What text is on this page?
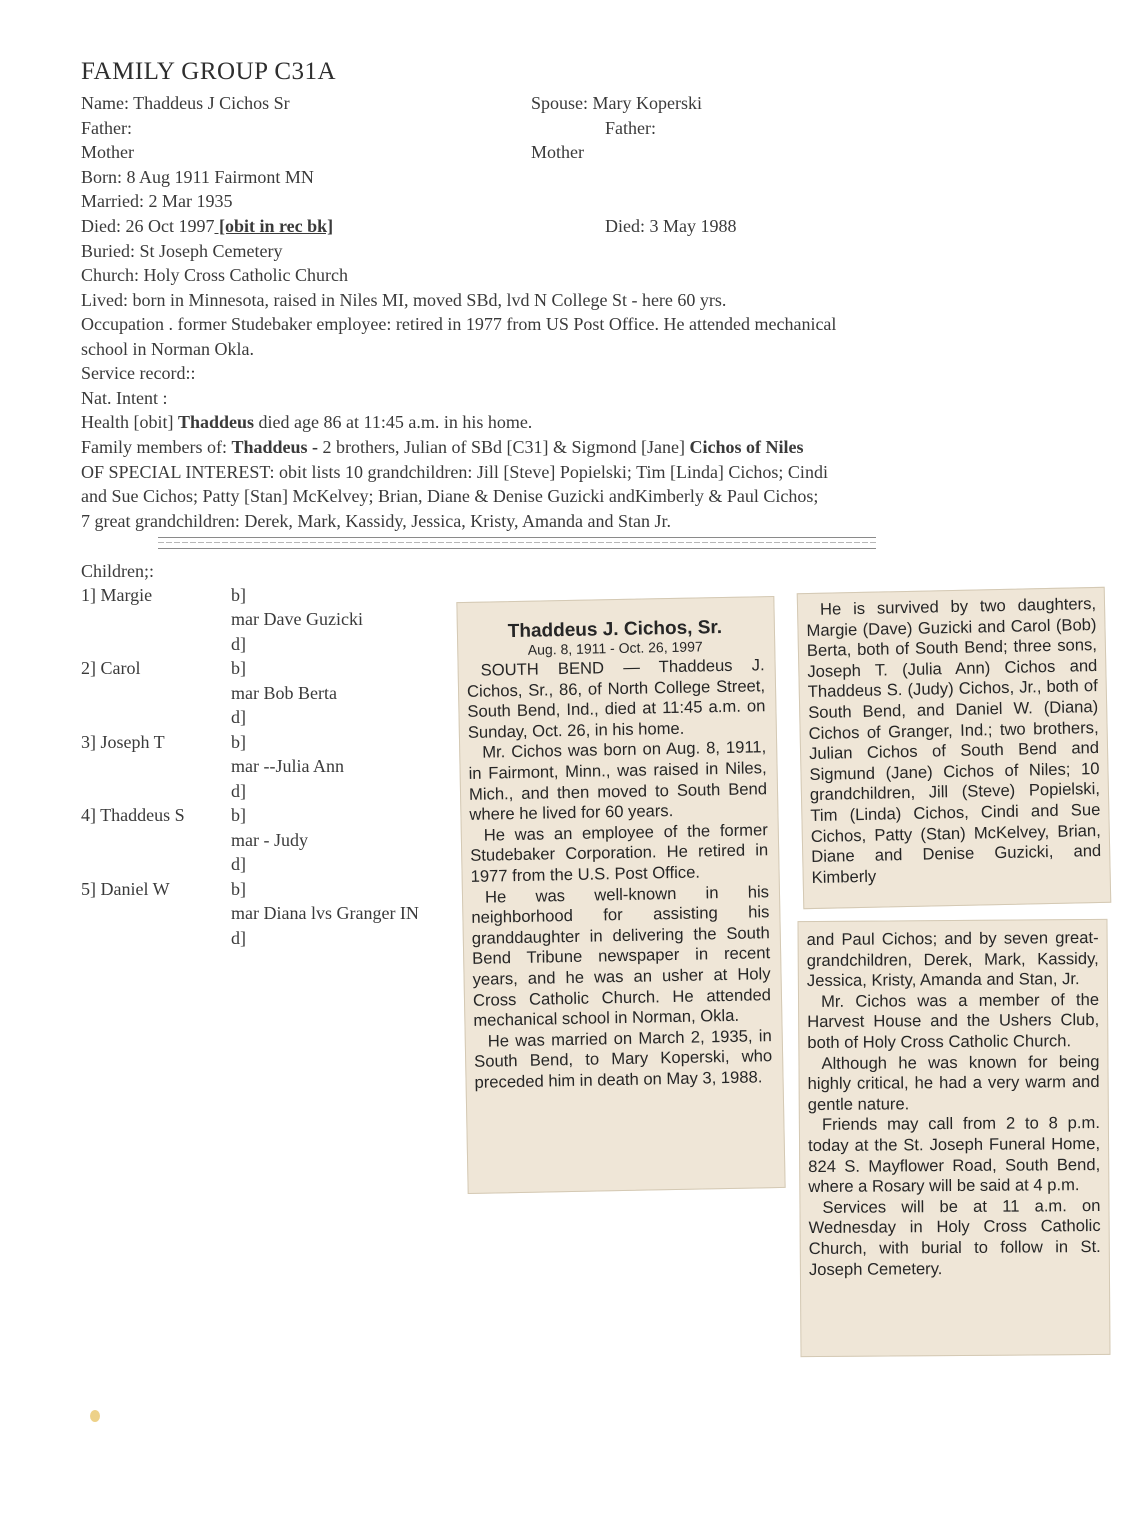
FAMILY GROUP C31A
Name: Thaddeus J Cichos Sr	Spouse: Mary Koperski
Father:	Father:
Mother	Mother
Born: 8 Aug 1911 Fairmont MN
Married: 2 Mar 1935
Died: 26 Oct 1997 [obit in rec bk]	Died: 3 May 1988
Buried: St Joseph Cemetery
Church: Holy Cross Catholic Church
Lived: born in Minnesota, raised in Niles MI, moved SBd, lvd N College St - here 60 yrs.
Occupation . former Studebaker employee: retired in 1977 from US Post Office. He attended mechanical
school in Norman Okla.
Service record::
Nat. Intent :
Health [obit] Thaddeus died age 86 at 11:45 a.m. in his home.
Family members of: Thaddeus - 2 brothers, Julian of SBd [C31] & Sigmond [Jane] Cichos of Niles
OF SPECIAL INTEREST: obit lists 10 grandchildren: Jill [Steve] Popielski; Tim [Linda] Cichos; Cindi
and Sue Cichos; Patty [Stan] McKelvey; Brian, Diane & Denise Guzicki andKimberly & Paul Cichos;
7 great grandchildren: Derek, Mark, Kassidy, Jessica, Kristy, Amanda and Stan Jr.
Children;:
1] Margie	b]
mar Dave Guzicki
d]
2] Carol	b]
mar Bob Berta
d]
3] Joseph T	b]
mar --Julia Ann
d]
4] Thaddeus S	b]
mar - Judy
d]
5] Daniel W	b]
mar Diana lvs Granger IN
d]
Thaddeus J. Cichos, Sr.
Aug. 8, 1911 - Oct. 26, 1997

SOUTH BEND — Thaddeus J. Cichos, Sr., 86, of North College Street, South Bend, Ind., died at 11:45 a.m. on Sunday, Oct. 26, in his home.

Mr. Cichos was born on Aug. 8, 1911, in Fairmont, Minn., was raised in Niles, Mich., and then moved to South Bend where he lived for 60 years.

He was an employee of the former Studebaker Corporation. He retired in 1977 from the U.S. Post Office.

He was well-known in his neighborhood for assisting his granddaughter in delivering the South Bend Tribune newspaper in recent years, and he was an usher at Holy Cross Catholic Church. He attended mechanical school in Norman, Okla.

He was married on March 2, 1935, in South Bend, to Mary Koperski, who preceded him in death on May 3, 1988.

He is survived by two daughters, Margie (Dave) Guzicki and Carol (Bob) Berta, both of South Bend; three sons, Joseph T. (Julia Ann) Cichos and Thaddeus S. (Judy) Cichos, Jr., both of South Bend, and Daniel W. (Diana) Cichos of Granger, Ind.; two brothers, Julian Cichos of South Bend and Sigmund (Jane) Cichos of Niles; 10 grandchildren, Jill (Steve) Popielski, Tim (Linda) Cichos, Cindi and Sue Cichos, Patty (Stan) McKelvey, Brian, Diane and Denise Guzicki, and Kimberly

and Paul Cichos; and by seven great-grandchildren, Derek, Mark, Kassidy, Jessica, Kristy, Amanda and Stan, Jr.

Mr. Cichos was a member of the Harvest House and the Ushers Club, both of Holy Cross Catholic Church.

Although he was known for being highly critical, he had a very warm and gentle nature.

Friends may call from 2 to 8 p.m. today at the St. Joseph Funeral Home, 824 S. Mayflower Road, South Bend, where a Rosary will be said at 4 p.m.

Services will be at 11 a.m. on Wednesday in Holy Cross Catholic Church, with burial to follow in St. Joseph Cemetery.
